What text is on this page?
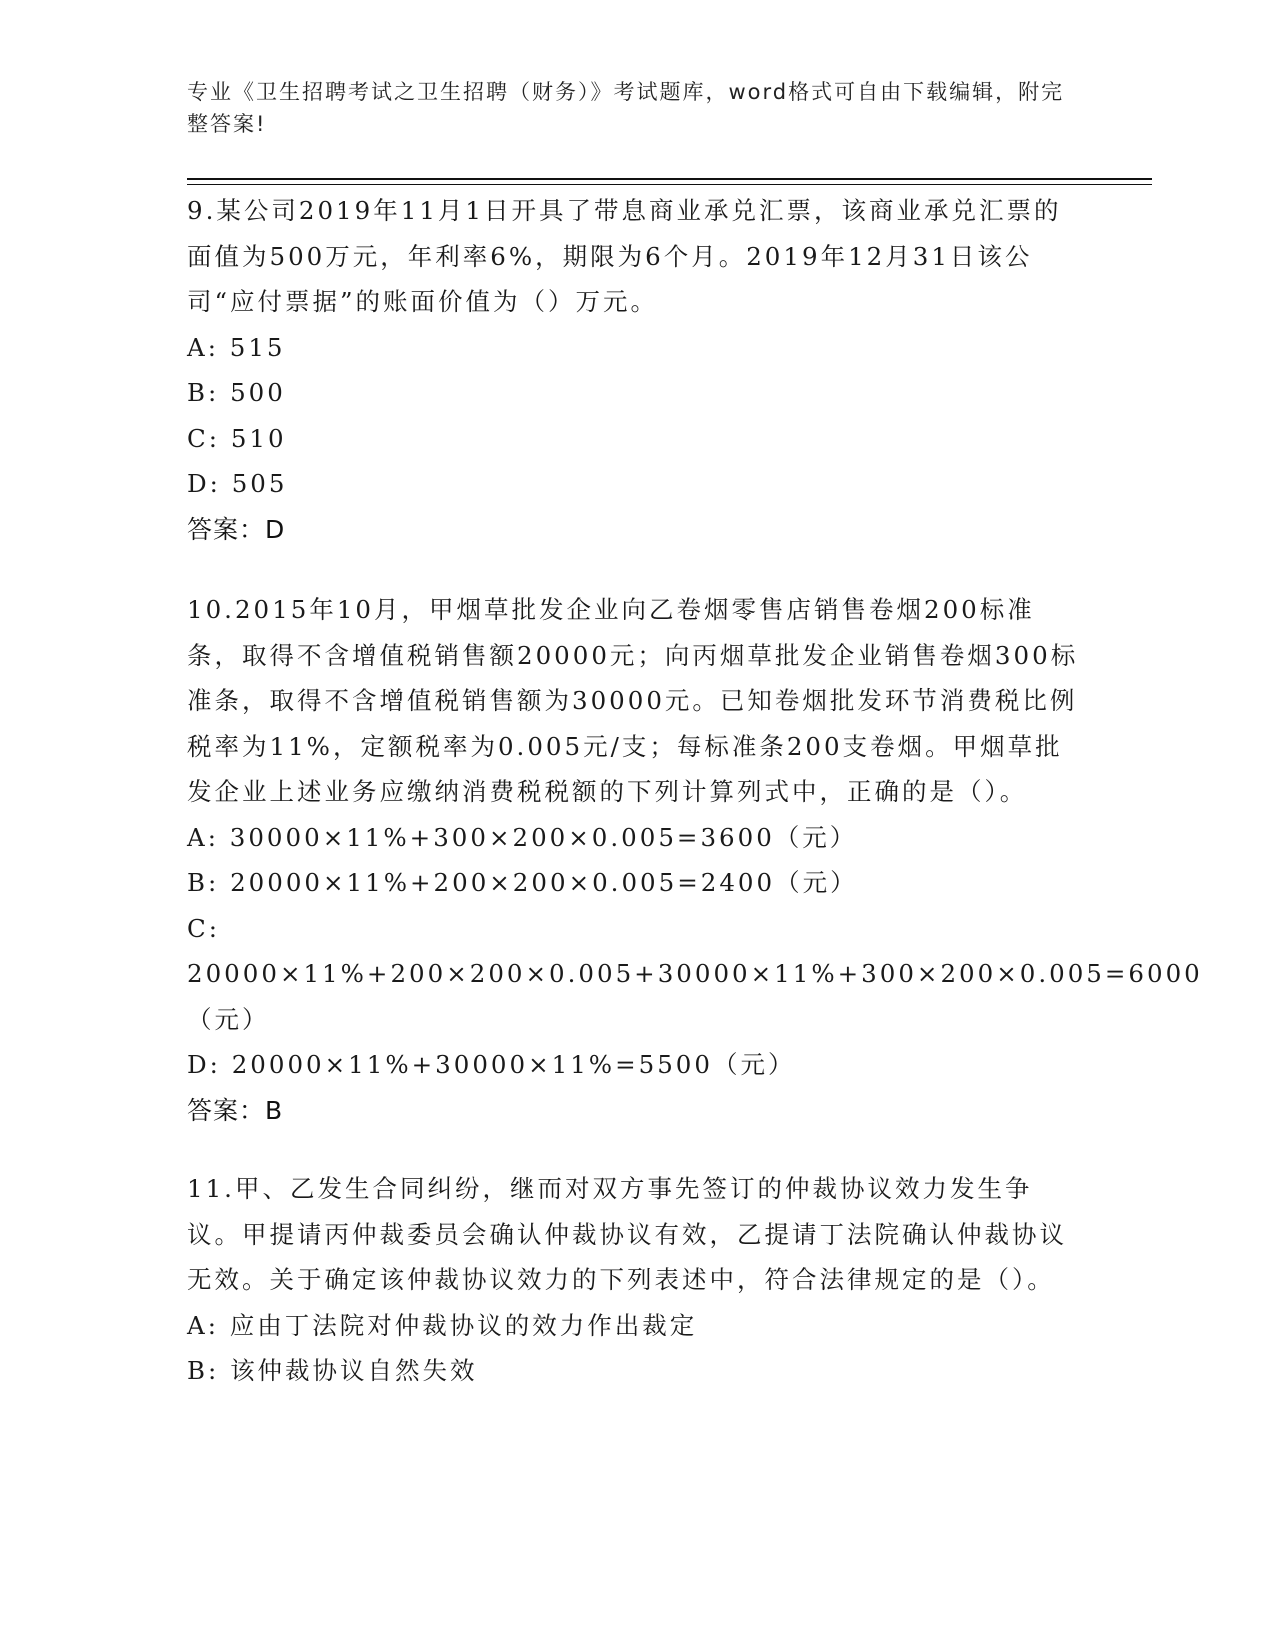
专业《卫生招聘考试之卫生招聘（财务）》考试题库，word格式可自由下载编辑，附完整答案!

9.某公司2019年11月1日开具了带息商业承兑汇票，该商业承兑汇票的面值为500万元，年利率6%，期限为6个月。2019年12月31日该公司“应付票据”的账面价值为（）万元。

A: 515

B: 500

C: 510

D: 505

答案：D

10.2015年10月，甲烟草批发企业向乙卷烟零售店销售卷烟200标准条，取得不含增值税销售额20000元；向丙烟草批发企业销售卷烟300标准条，取得不含增值税销售额为30000元。已知卷烟批发环节消费税比例税率为11%，定额税率为0.005元/支；每标准条200支卷烟。甲烟草批发企业上述业务应缴纳消费税税额的下列计算列式中，正确的是（）。

A: 30000×11%+300×200×0.005=3600（元）

B: 20000×11%+200×200×0.005=2400（元）

C: 20000×11%+200×200×0.005+30000×11%+300×200×0.005=6000（元）

D: 20000×11%+30000×11%=5500（元）

答案：B

11.甲、乙发生合同纠纷，继而对双方事先签订的仲裁协议效力发生争议。甲提请丙仲裁委员会确认仲裁协议有效，乙提请丁法院确认仲裁协议无效。关于确定该仲裁协议效力的下列表述中，符合法律规定的是（）。

A: 应由丁法院对仲裁协议的效力作出裁定

B: 该仲裁协议自然失效
